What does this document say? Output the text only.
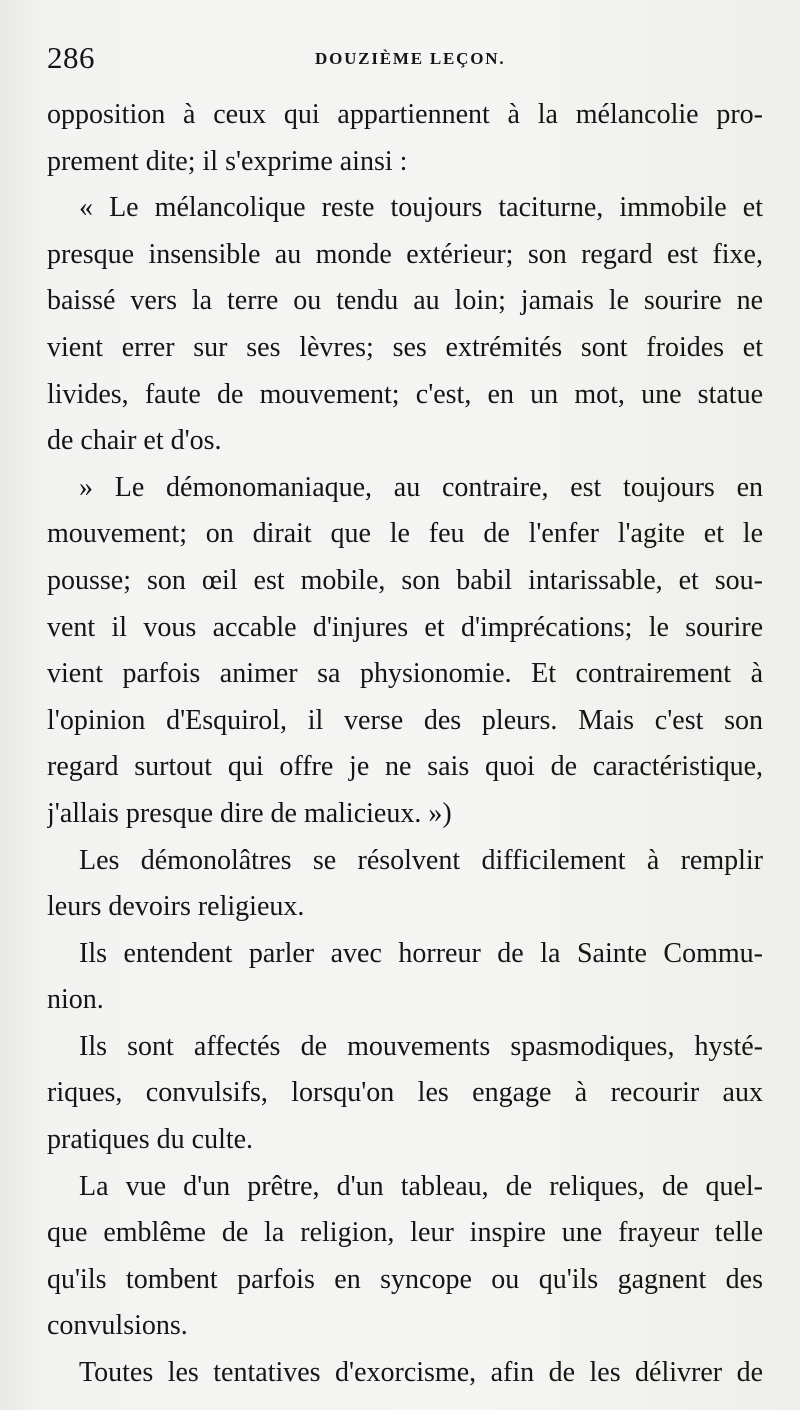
286	DOUZIÈME LEÇON.
opposition à ceux qui appartiennent à la mélancolie pro-
prement dite; il s'exprime ainsi :
« Le mélancolique reste toujours taciturne, immobile et
presque insensible au monde extérieur; son regard est fixe,
baissé vers la terre ou tendu au loin; jamais le sourire ne
vient errer sur ses lèvres; ses extrémités sont froides et
livides, faute de mouvement; c'est, en un mot, une statue
de chair et d'os.
» Le démonomaniaque, au contraire, est toujours en
mouvement; on dirait que le feu de l'enfer l'agite et le
pousse; son œil est mobile, son babil intarissable, et sou-
vent il vous accable d'injures et d'imprécations; le sourire
vient parfois animer sa physionomie. Et contrairement à
l'opinion d'Esquirol, il verse des pleurs. Mais c'est son
regard surtout qui offre je ne sais quoi de caractéristique,
j'allais presque dire de malicieux. »)
Les démonolâtres se résolvent difficilement à remplir
leurs devoirs religieux.
Ils entendent parler avec horreur de la Sainte Commu-
nion.
Ils sont affectés de mouvements spasmodiques, hysté-
riques, convulsifs, lorsqu'on les engage à recourir aux
pratiques du culte.
La vue d'un prêtre, d'un tableau, de reliques, de quel-
que emblême de la religion, leur inspire une frayeur telle
qu'ils tombent parfois en syncope ou qu'ils gagnent des
convulsions.
Toutes les tentatives d'exorcisme, afin de les délivrer de
